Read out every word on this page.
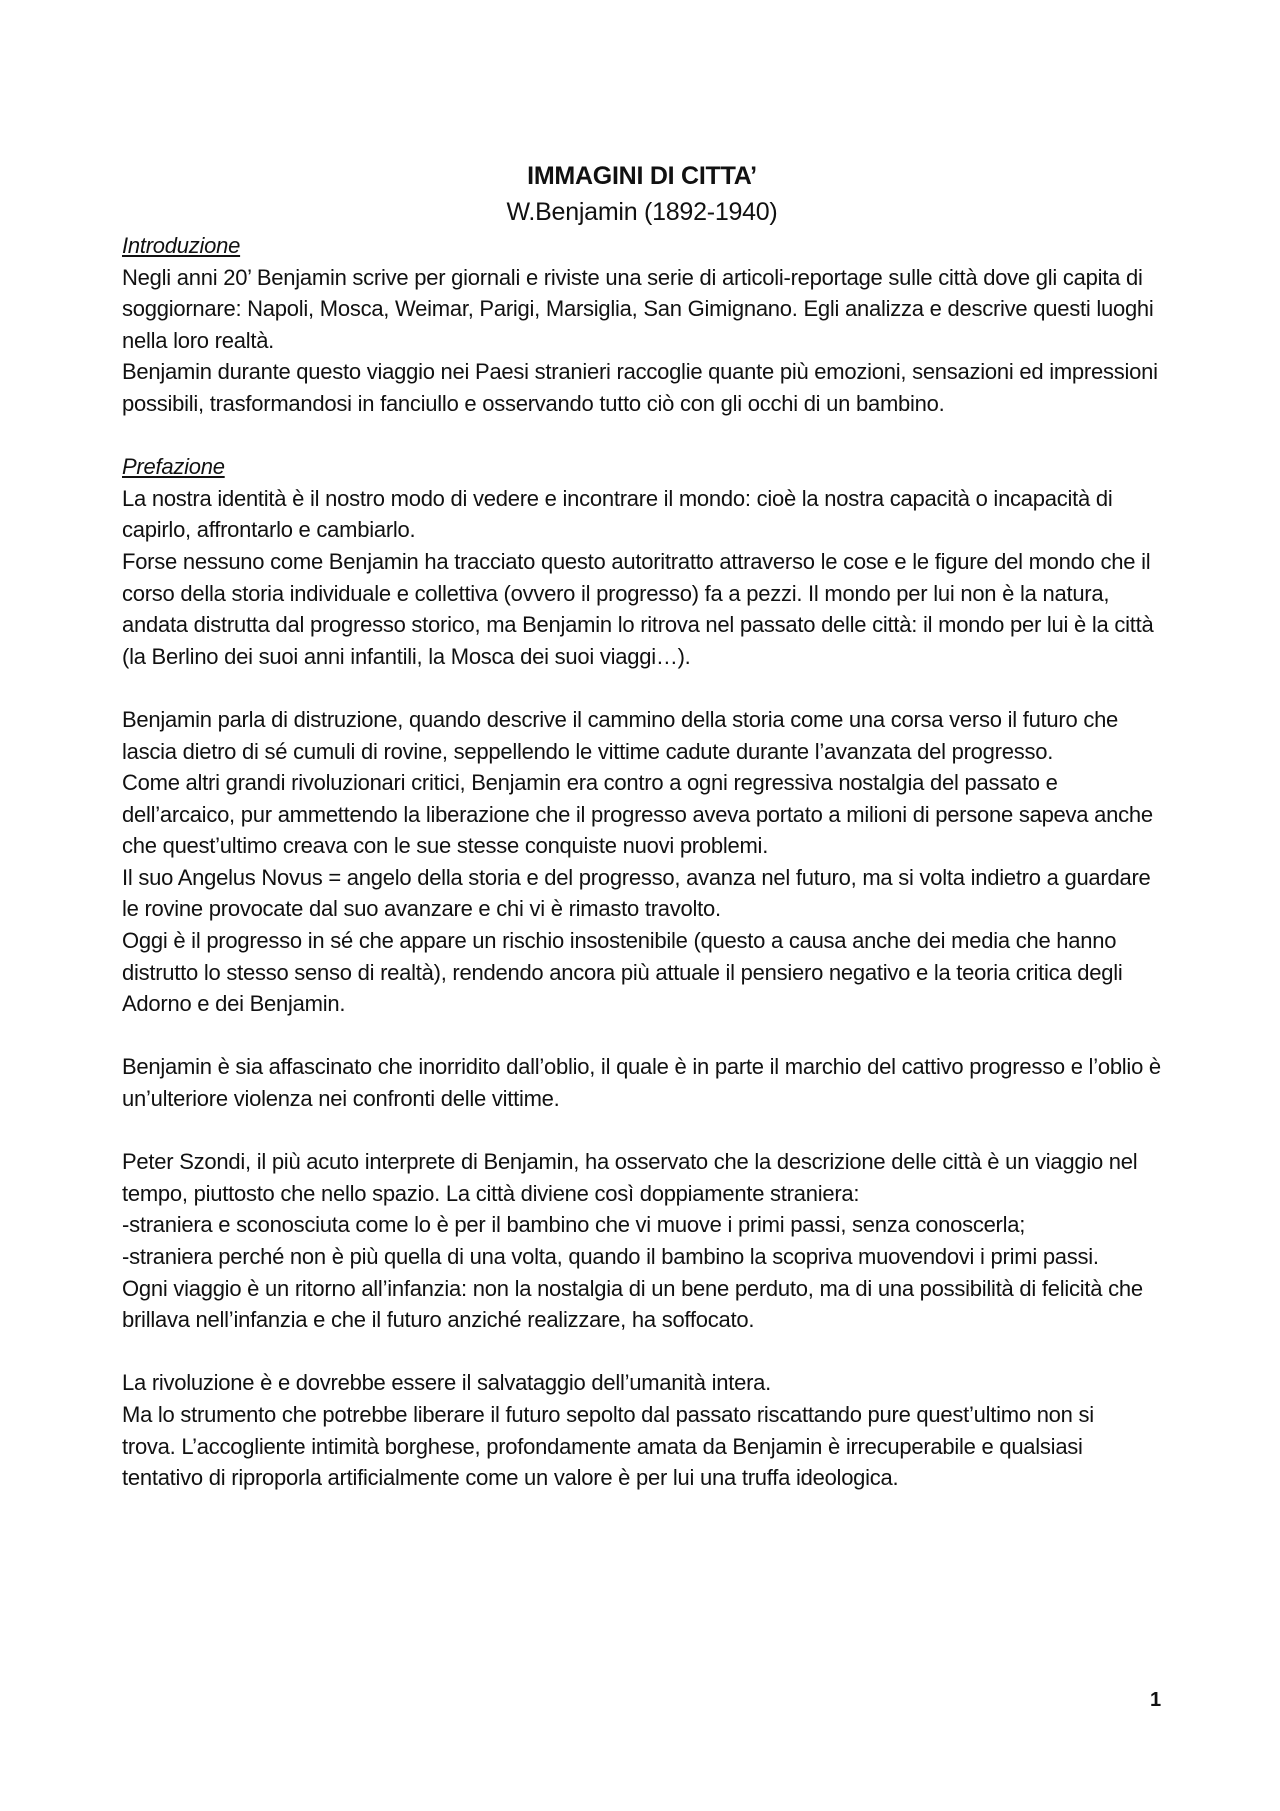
IMMAGINI DI CITTA’

W.Benjamin (1892-1940)

Introduzione

Negli anni 20’ Benjamin scrive per giornali e riviste una serie di articoli-reportage sulle città dove gli capita di soggiornare: Napoli, Mosca, Weimar, Parigi, Marsiglia, San Gimignano. Egli analizza e descrive questi luoghi nella loro realtà.

Benjamin durante questo viaggio nei Paesi stranieri raccoglie quante più emozioni, sensazioni ed impressioni possibili, trasformandosi in fanciullo e osservando tutto ciò con gli occhi di un bambino.

Prefazione

La nostra identità è il nostro modo di vedere e incontrare il mondo: cioè la nostra capacità o incapacità di capirlo, affrontarlo e cambiarlo.

Forse nessuno come Benjamin ha tracciato questo autoritratto attraverso le cose e le figure del mondo che il corso della storia individuale e collettiva (ovvero il progresso) fa a pezzi. Il mondo per lui non è la natura, andata distrutta dal progresso storico, ma Benjamin lo ritrova nel passato delle città: il mondo per lui è la città (la Berlino dei suoi anni infantili, la Mosca dei suoi viaggi…).

Benjamin parla di distruzione, quando descrive il cammino della storia come una corsa verso il futuro che lascia dietro di sé cumuli di rovine, seppellendo le vittime cadute durante l’avanzata del progresso.

Come altri grandi rivoluzionari critici, Benjamin era contro a ogni regressiva nostalgia del passato e dell’arcaico, pur ammettendo la liberazione che il progresso aveva portato a milioni di persone sapeva anche che quest’ultimo creava con le sue stesse conquiste nuovi problemi.

Il suo Angelus Novus = angelo della storia e del progresso, avanza nel futuro, ma si volta indietro a guardare le rovine provocate dal suo avanzare e chi vi è rimasto travolto.

Oggi è il progresso in sé che appare un rischio insostenibile (questo a causa anche dei media che hanno distrutto lo stesso senso di realtà), rendendo ancora più attuale il pensiero negativo e la teoria critica degli Adorno e dei Benjamin.

Benjamin è sia affascinato che inorridito dall’oblio, il quale è in parte il marchio del cattivo progresso e l’oblio è un’ulteriore violenza nei confronti delle vittime.

Peter Szondi, il più acuto interprete di Benjamin, ha osservato che la descrizione delle città è un viaggio nel tempo, piuttosto che nello spazio. La città diviene così doppiamente straniera:

-straniera e sconosciuta come lo è per il bambino che vi muove i primi passi, senza conoscerla;

-straniera perché non è più quella di una volta, quando il bambino la scopriva muovendovi i primi passi.

Ogni viaggio è un ritorno all’infanzia: non la nostalgia di un bene perduto, ma di una possibilità di felicità che brillava nell’infanzia e che il futuro anziché realizzare, ha soffocato.

La rivoluzione è e dovrebbe essere il salvataggio dell’umanità intera.

Ma lo strumento che potrebbe liberare il futuro sepolto dal passato riscattando pure quest’ultimo non si

trova. L’accogliente intimità borghese, profondamente amata da Benjamin è irrecuperabile e qualsiasi tentativo di riproporla artificialmente come un valore è per lui una truffa ideologica.

1
